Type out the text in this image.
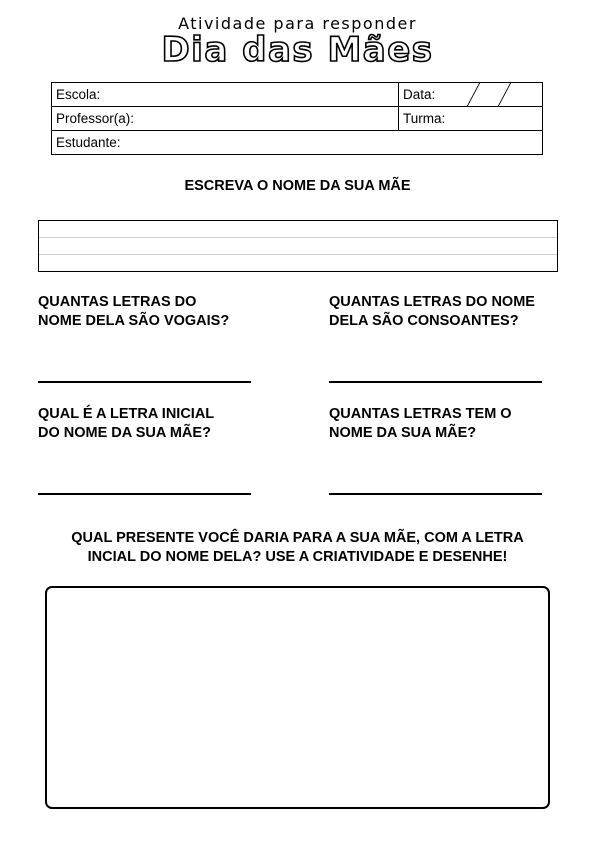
Atividade para responder
Dia das Mães
Escola:	Data:

Professor(a):	Turma:
Estudante:	
ESCREVA O NOME DA SUA MÃE
QUANTAS LETRAS DO
NOME DELA SÃO VOGAIS?
QUANTAS LETRAS DO NOME
DELA SÃO CONSOANTES?
QUAL É A LETRA INICIAL
DO NOME DA SUA MÃE?
QUANTAS LETRAS TEM O
NOME DA SUA MÃE?
QUAL PRESENTE VOCÊ DARIA PARA A SUA MÃE, COM A LETRA
INCIAL DO NOME DELA? USE A CRIATIVIDADE E DESENHE!
